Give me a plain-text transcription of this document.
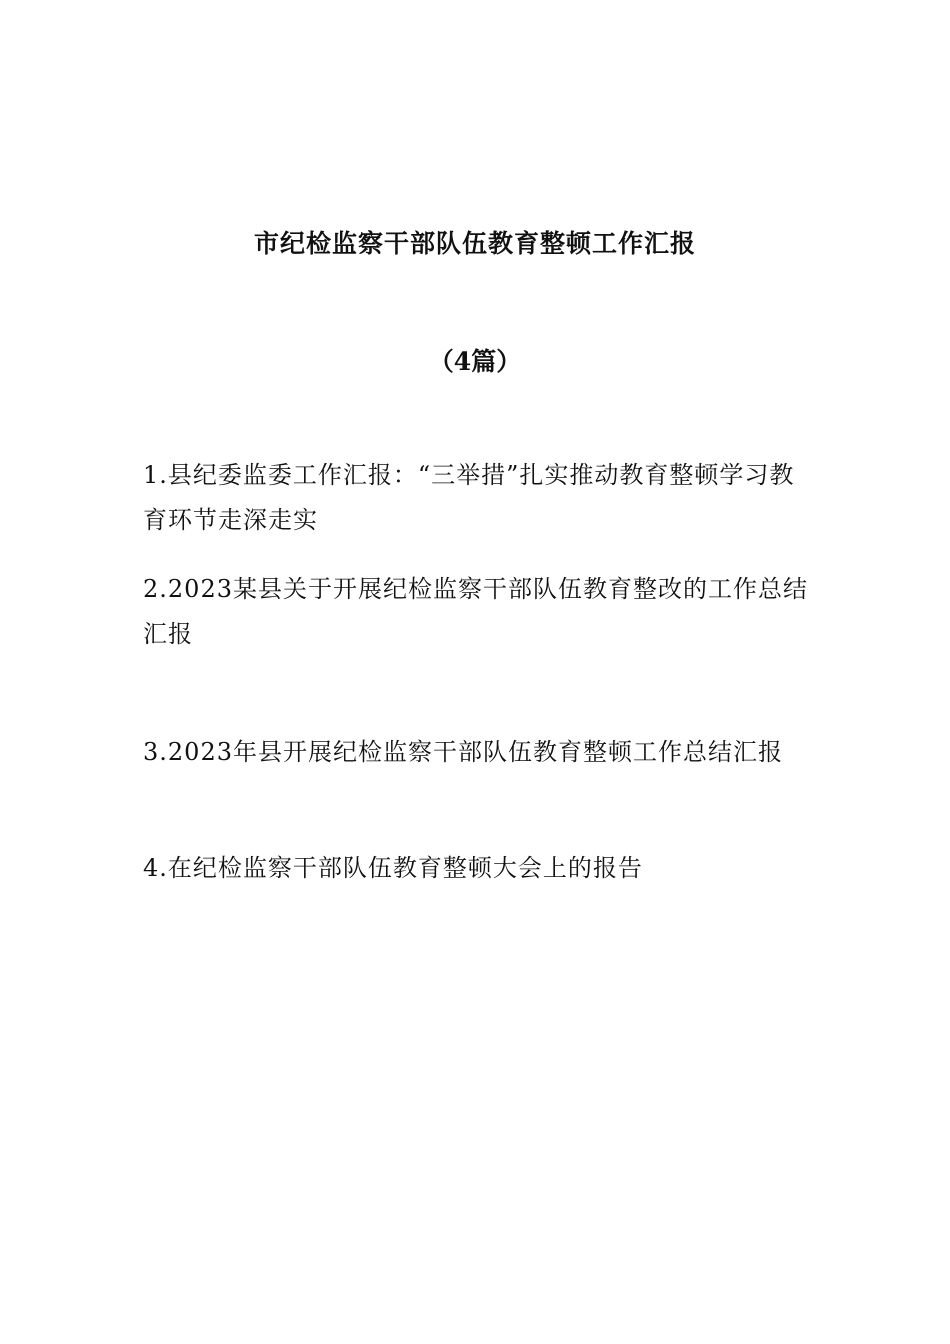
市纪检监察干部队伍教育整顿工作汇报
（4篇）

1.县纪委监委工作汇报：“三举措”扎实推动教育整顿学习教育环节走深走实

2.2023某县关于开展纪检监察干部队伍教育整改的工作总结汇报

3.2023年县开展纪检监察干部队伍教育整顿工作总结汇报

4.在纪检监察干部队伍教育整顿大会上的报告
